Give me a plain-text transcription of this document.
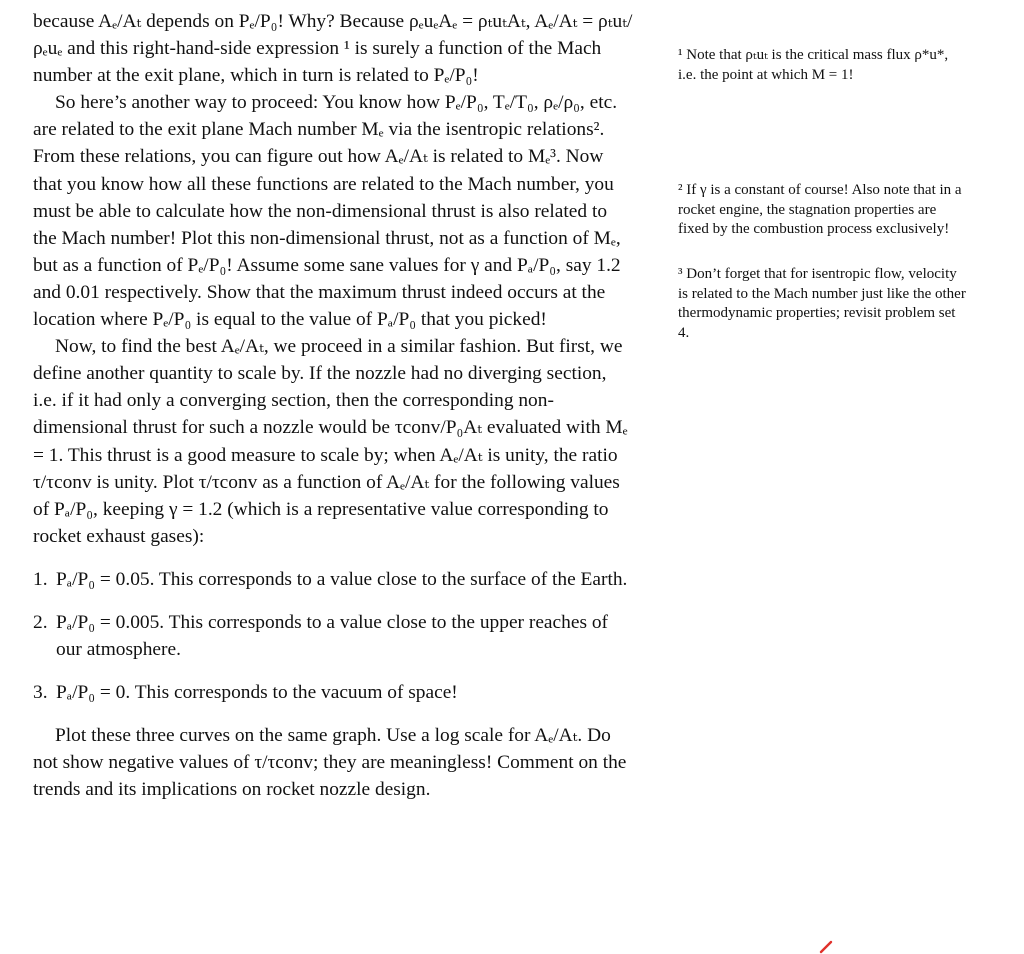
because Aₑ/Aₜ depends on Pₑ/P₀! Why? Because ρₑuₑAₑ = ρₜuₜAₜ, Aₑ/Aₜ = ρₜuₜ/ρₑuₑ and this right-hand-side expression ¹ is surely a function of the Mach number at the exit plane, which in turn is related to Pₑ/P₀!

So here’s another way to proceed: You know how Pₑ/P₀, Tₑ/T₀, ρₑ/ρ₀, etc. are related to the exit plane Mach number Mₑ via the isentropic relations². From these relations, you can figure out how Aₑ/Aₜ is related to Mₑ³. Now that you know how all these functions are related to the Mach number, you must be able to calculate how the non-dimensional thrust is also related to the Mach number! Plot this non-dimensional thrust, not as a function of Mₑ, but as a function of Pₑ/P₀! Assume some sane values for γ and Pₐ/P₀, say 1.2 and 0.01 respectively. Show that the maximum thrust indeed occurs at the location where Pₑ/P₀ is equal to the value of Pₐ/P₀ that you picked!

Now, to find the best Aₑ/Aₜ, we proceed in a similar fashion. But first, we define another quantity to scale by. If the nozzle had no diverging section, i.e. if it had only a converging section, then the corresponding non-dimensional thrust for such a nozzle would be τconv/P₀Aₜ evaluated with Mₑ = 1. This thrust is a good measure to scale by; when Aₑ/Aₜ is unity, the ratio τ/τconv is unity. Plot τ/τconv as a function of Aₑ/Aₜ for the following values of Pₐ/P₀, keeping γ = 1.2 (which is a representative value corresponding to rocket exhaust gases):

1. Pₐ/P₀ = 0.05. This corresponds to a value close to the surface of the Earth.
2. Pₐ/P₀ = 0.005. This corresponds to a value close to the upper reaches of our atmosphere.
3. Pₐ/P₀ = 0. This corresponds to the vacuum of space!

Plot these three curves on the same graph. Use a log scale for Aₑ/Aₜ. Do not show negative values of τ/τconv; they are meaningless! Comment on the trends and its implications on rocket nozzle design.

¹ Note that ρₜuₜ is the critical mass flux ρ*u*, i.e. the point at which M = 1!

² If γ is a constant of course! Also note that in a rocket engine, the stagnation properties are fixed by the combustion process exclusively!

³ Don’t forget that for isentropic flow, velocity is related to the Mach number just like the other thermodynamic properties; revisit problem set 4.
